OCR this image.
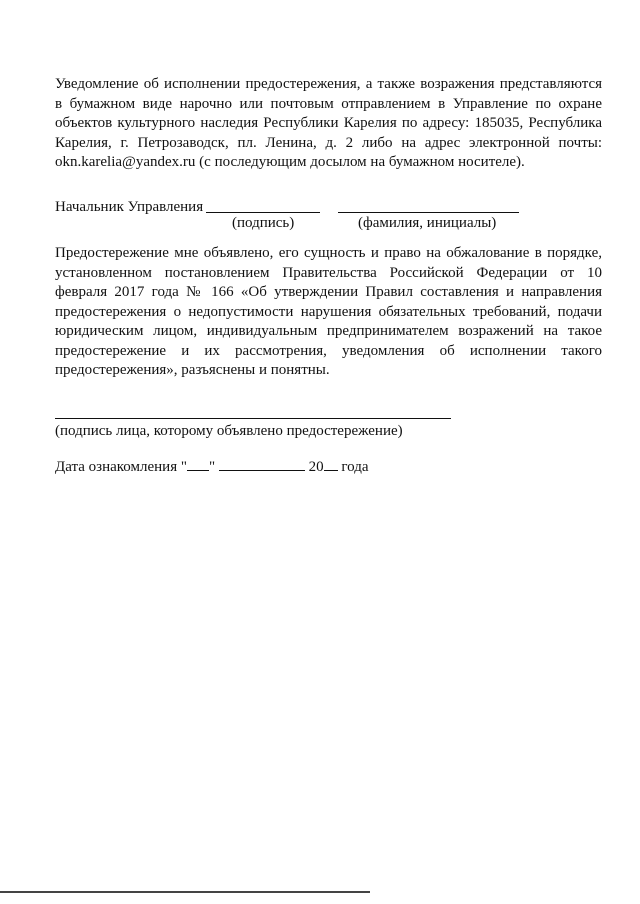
Уведомление об исполнении предостережения, а также возражения представляются в бумажном виде нарочно или почтовым отправлением в Управление по охране объектов культурного наследия Республики Карелия по адресу: 185035, Республика Карелия, г. Петрозаводск, пл. Ленина, д. 2 либо на адрес электронной почты: okn.karelia@yandex.ru (с последующим досылом на бумажном носителе).

Начальник Управления
(подпись)	(фамилия, инициалы)

Предостережение мне объявлено, его сущность и право на обжалование в порядке, установленном постановлением Правительства Российской Федерации от 10 февраля 2017 года № 166 «Об утверждении Правил составления и направления предостережения о недопустимости нарушения обязательных требований, подачи юридическим лицом, индивидуальным предпринимателем возражений на такое предостережение и их рассмотрения, уведомления об исполнении такого предостережения», разъяснены и понятны.

(подпись лица, которому объявлено предостережение)
Дата ознакомления " "	20 года
